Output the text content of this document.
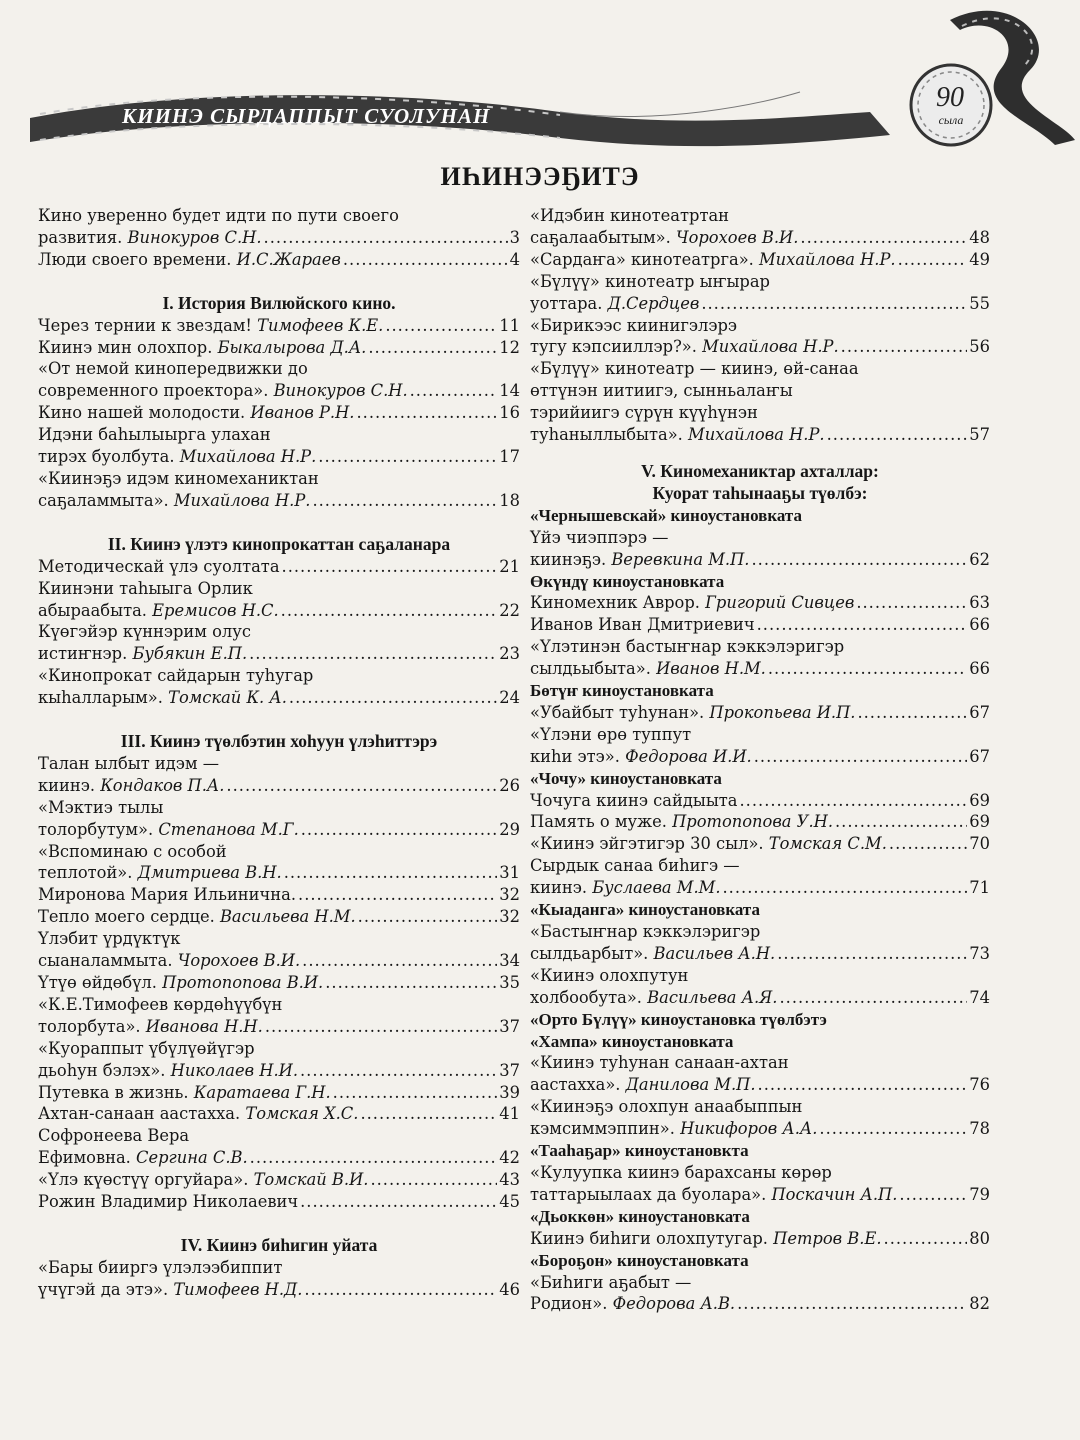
КИИНЭ СЫРДАППЫТ СУОЛУНАН
90
сыла
ИҺИНЭЭҔИТЭ
Кино уверенно будет идти по пути своего
развития. Винокуров С.Н. .....	3
Люди своего времени. И.С.Жараев .....	4
I. История Вилюйского кино.
Через тернии к звездам! Тимофеев К.Е. .....	11
Киинэ мин олохпор. Быкалырова Д.А. .....	12
«От немой кинопередвижки до
современного проектора». Винокуров С.Н. .....	14
Кино нашей молодости. Иванов Р.Н. .....	16
Идэни баһылыырга улахан
тирэх буолбута. Михайлова Н.Р. .....	17
«Киинэҕэ идэм киномеханиктан
саҕаламмыта». Михайлова Н.Р. .....	18
II. Киинэ үлэтэ кинопрокаттан саҕаланара
Методическай үлэ суолтата .....	21
Киинэни таһыыга Орлик
абыраабыта. Еремисов Н.С. .....	22
Күөгэйэр күннэрим олус
истиҥнэр. Бубякин Е.П. .....	23
«Кинопрокат сайдарын туһугар
кыһалларым». Томскай К. А. .....	24
III. Киинэ түөлбэтин хоһуун үлэһиттэрэ
Талан ылбыт идэм —
киинэ. Кондаков П.А. .....	26
«Мэктиэ тылы
толорбутум». Степанова М.Г. .....	29
«Вспоминаю с особой
теплотой». Дмитриева В.Н. .....	31
Миронова Мария Ильинична. .....	32
Тепло моего сердце. Васильева Н.М. .....	32
Үлэбит үрдүктүк
сыаналаммыта. Чорохоев В.И. .....	34
Үтүө өйдөбүл. Протопопова В.И. .....	35
«К.Е.Тимофеев көрдөһүүбүн
толорбута». Иванова Н.Н. .....	37
«Куораппыт үбүлүөйүгэр
дьоһун бэлэх». Николаев Н.И. .....	37
Путевка в жизнь. Каратаева Г.Н. .....	39
Ахтан-санаан аастахха. Томская Х.С. .....	41
Софронеева Вера
Ефимовна. Сергина С.В. .....	42
«Үлэ күөстүү оргуйара». Томскай В.И. .....	43
Рожин Владимир Николаевич .....	45
IV. Киинэ биһигин уйата
«Бары бииргэ үлэлээбиппит
үчүгэй да этэ». Тимофеев Н.Д. .....	46
«Идэбин кинотеатртан
саҕалаабытым». Чорохоев В.И. .....	48
«Сардаҥа» кинотеатрга». Михайлова Н.Р. .....	49
«Бүлүү» кинотеатр ыҥырар
уоттара. Д.Сердцев .....	55
«Бирикээс киинигэлэрэ
тугу кэпсииллэр?». Михайлова Н.Р. .....	56
«Бүлүү» кинотеатр — киинэ, өй-санаа
өттүнэн иитиигэ, сынньалаҥы
тэрийиигэ сүрүн күүһүнэн
туһаныллыбыта». Михайлова Н.Р. .....	57
V. Киномеханиктар ахталлар:
Куорат таһынааҕы түөлбэ:
«Чернышевскай» киноустановката
Үйэ чиэппэрэ —
киинэҕэ. Веревкина М.П. .....	62
Өкүндү киноустановката
Киномехник Аврор. Григорий Сивцев .....	63
Иванов Иван Дмитриевич .....	66
«Үлэтинэн бастыҥнар кэккэлэригэр
сылдьыбыта». Иванов Н.М. .....	66
Бөтүҥ киноустановката
«Убайбыт туһунан». Прокопьева И.П. .....	67
«Үлэни өрө туппут
киһи этэ». Федорова И.И. .....	67
«Чочу» киноустановката
Чочуга киинэ сайдыыта .....	69
Память о муже. Протопопова У.Н. .....	69
«Киинэ эйгэтигэр 30 сыл». Томская С.М. .....	70
Сырдык санаа биһигэ —
киинэ. Буслаева М.М. .....	71
«Кыаданга» киноустановката
«Бастыҥнар кэккэлэригэр
сылдьарбыт». Васильев А.Н. .....	73
«Киинэ олохпутун
холбообута». Васильева А.Я. .....	74
«Орто Бүлүү» киноустановка түөлбэтэ
«Хампа» киноустановката
«Киинэ туһунан санаан-ахтан
аастахха». Данилова М.П. .....	76
«Киинэҕэ олохпун анаабыппын
кэмсиммэппин». Никифоров А.А. .....	78
«Тааһаҕар» киноустановкта
«Кулуупка киинэ барахсаны көрөр
таттарыылаах да буолара». Поскачин А.П. .....	79
«Дьоккөн» киноустановката
Киинэ биһиги олохпутугар. Петров В.Е. .....	80
«Бороҕон» киноустановката
«Биһиги аҕабыт —
Родион». Федорова А.В. .....	82
